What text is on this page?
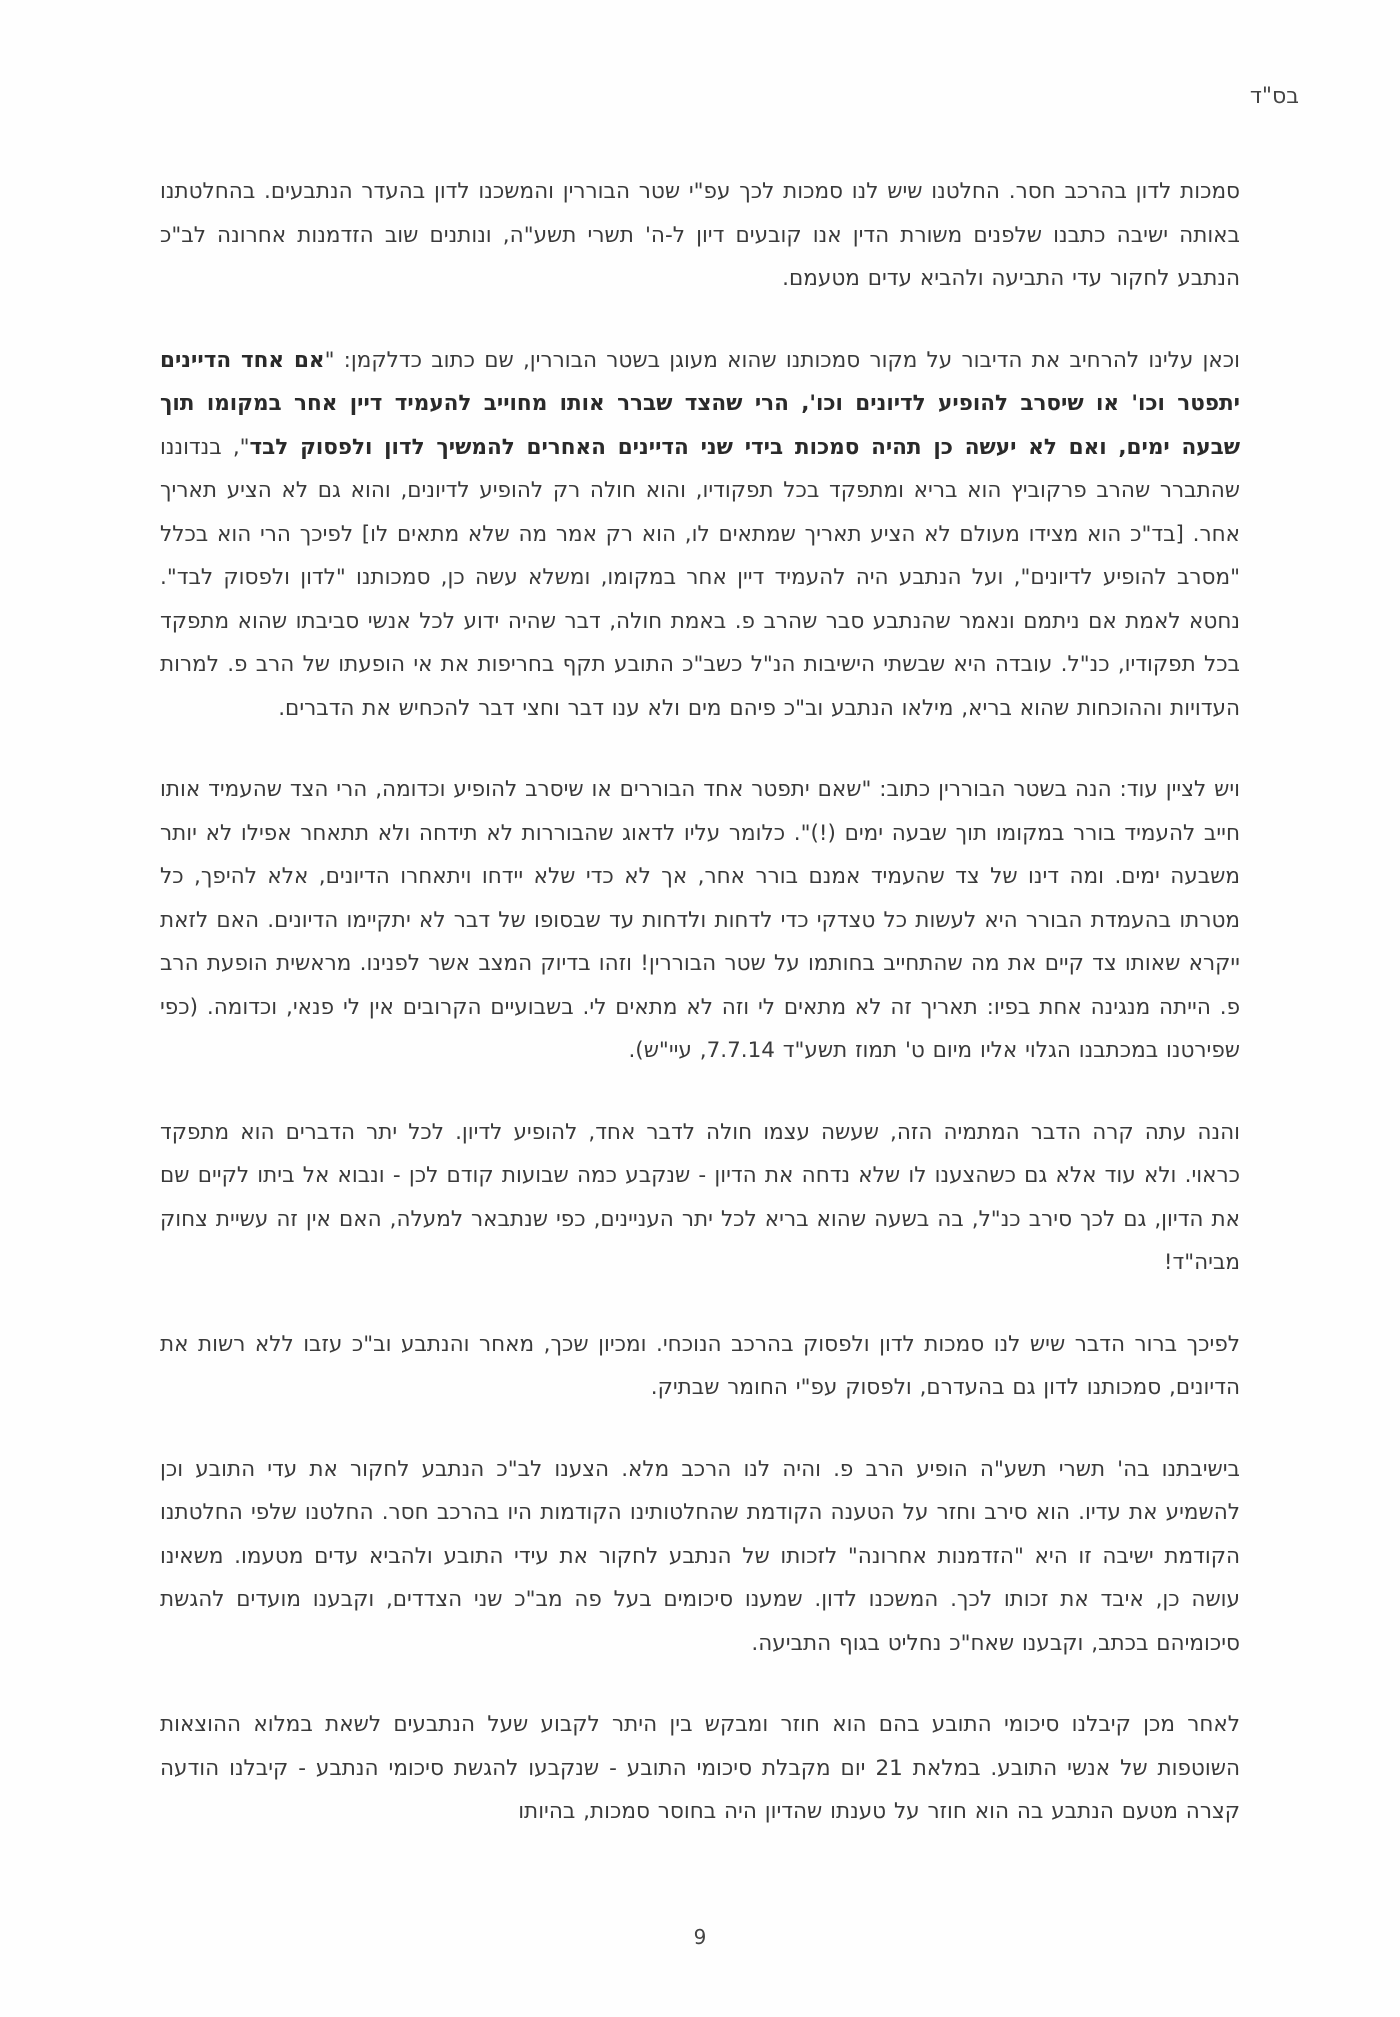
בס"ד

סמכות לדון בהרכב חסר. החלטנו שיש לנו סמכות לכך עפ"י שטר הבוררין והמשכנו לדון בהעדר הנתבעים. בהחלטתנו באותה ישיבה כתבנו שלפנים משורת הדין אנו קובעים דיון ל-ה' תשרי תשע"ה, ונותנים שוב הזדמנות אחרונה לב"כ הנתבע לחקור עדי התביעה ולהביא עדים מטעמם.

וכאן עלינו להרחיב את הדיבור על מקור סמכותנו שהוא מעוגן בשטר הבוררין, שם כתוב כדלקמן: "אם אחד הדיינים יתפטר וכו' או שיסרב להופיע לדיונים וכו', הרי שהצד שברר אותו מחוייב להעמיד דיין אחר במקומו תוך שבעה ימים, ואם לא יעשה כן תהיה סמכות בידי שני הדיינים האחרים להמשיך לדון ולפסוק לבד", בנדוננו שהתברר שהרב פרקוביץ הוא בריא ומתפקד בכל תפקודיו, והוא חולה רק להופיע לדיונים, והוא גם לא הציע תאריך אחר. [בד"כ הוא מצידו מעולם לא הציע תאריך שמתאים לו, הוא רק אמר מה שלא מתאים לו] לפיכך הרי הוא בכלל "מסרב להופיע לדיונים", ועל הנתבע היה להעמיד דיין אחר במקומו, ומשלא עשה כן, סמכותנו "לדון ולפסוק לבד". נחטא לאמת אם ניתמם ונאמר שהנתבע סבר שהרב פ. באמת חולה, דבר שהיה ידוע לכל אנשי סביבתו שהוא מתפקד בכל תפקודיו, כנ"ל. עובדה היא שבשתי הישיבות הנ"ל כשב"כ התובע תקף בחריפות את אי הופעתו של הרב פ. למרות העדויות וההוכחות שהוא בריא, מילאו הנתבע וב"כ פיהם מים ולא ענו דבר וחצי דבר להכחיש את הדברים.

ויש לציין עוד: הנה בשטר הבוררין כתוב: "שאם יתפטר אחד הבוררים או שיסרב להופיע וכדומה, הרי הצד שהעמיד אותו חייב להעמיד בורר במקומו תוך שבעה ימים (!)". כלומר עליו לדאוג שהבוררות לא תידחה ולא תתאחר אפילו לא יותר משבעה ימים. ומה דינו של צד שהעמיד אמנם בורר אחר, אך לא כדי שלא יידחו ויתאחרו הדיונים, אלא להיפך, כל מטרתו בהעמדת הבורר היא לעשות כל טצדקי כדי לדחות ולדחות עד שבסופו של דבר לא יתקיימו הדיונים. האם לזאת ייקרא שאותו צד קיים את מה שהתחייב בחותמו על שטר הבוררין! וזהו בדיוק המצב אשר לפנינו. מראשית הופעת הרב פ. הייתה מנגינה אחת בפיו: תאריך זה לא מתאים לי וזה לא מתאים לי. בשבועיים הקרובים אין לי פנאי, וכדומה. (כפי שפירטנו במכתבנו הגלוי אליו מיום ט' תמוז תשע"ד 7.7.14, עיי"ש).

והנה עתה קרה הדבר המתמיה הזה, שעשה עצמו חולה לדבר אחד, להופיע לדיון. לכל יתר הדברים הוא מתפקד כראוי. ולא עוד אלא גם כשהצענו לו שלא נדחה את הדיון - שנקבע כמה שבועות קודם לכן - ונבוא אל ביתו לקיים שם את הדיון, גם לכך סירב כנ"ל, בה בשעה שהוא בריא לכל יתר העניינים, כפי שנתבאר למעלה, האם אין זה עשיית צחוק מביה"ד!

לפיכך ברור הדבר שיש לנו סמכות לדון ולפסוק בהרכב הנוכחי. ומכיון שכך, מאחר והנתבע וב"כ עזבו ללא רשות את הדיונים, סמכותנו לדון גם בהעדרם, ולפסוק עפ"י החומר שבתיק.

בישיבתנו בה' תשרי תשע"ה הופיע הרב פ. והיה לנו הרכב מלא. הצענו לב"כ הנתבע לחקור את עדי התובע וכן להשמיע את עדיו. הוא סירב וחזר על הטענה הקודמת שהחלטותינו הקודמות היו בהרכב חסר. החלטנו שלפי החלטתנו הקודמת ישיבה זו היא "הזדמנות אחרונה" לזכותו של הנתבע לחקור את עידי התובע ולהביא עדים מטעמו. משאינו עושה כן, איבד את זכותו לכך. המשכנו לדון. שמענו סיכומים בעל פה מב"כ שני הצדדים, וקבענו מועדים להגשת סיכומיהם בכתב, וקבענו שאח"כ נחליט בגוף התביעה.

לאחר מכן קיבלנו סיכומי התובע בהם הוא חוזר ומבקש בין היתר לקבוע שעל הנתבעים לשאת במלוא ההוצאות השוטפות של אנשי התובע. במלאת 21 יום מקבלת סיכומי התובע - שנקבעו להגשת סיכומי הנתבע - קיבלנו הודעה קצרה מטעם הנתבע בה הוא חוזר על טענתו שהדיון היה בחוסר סמכות, בהיותו

9
